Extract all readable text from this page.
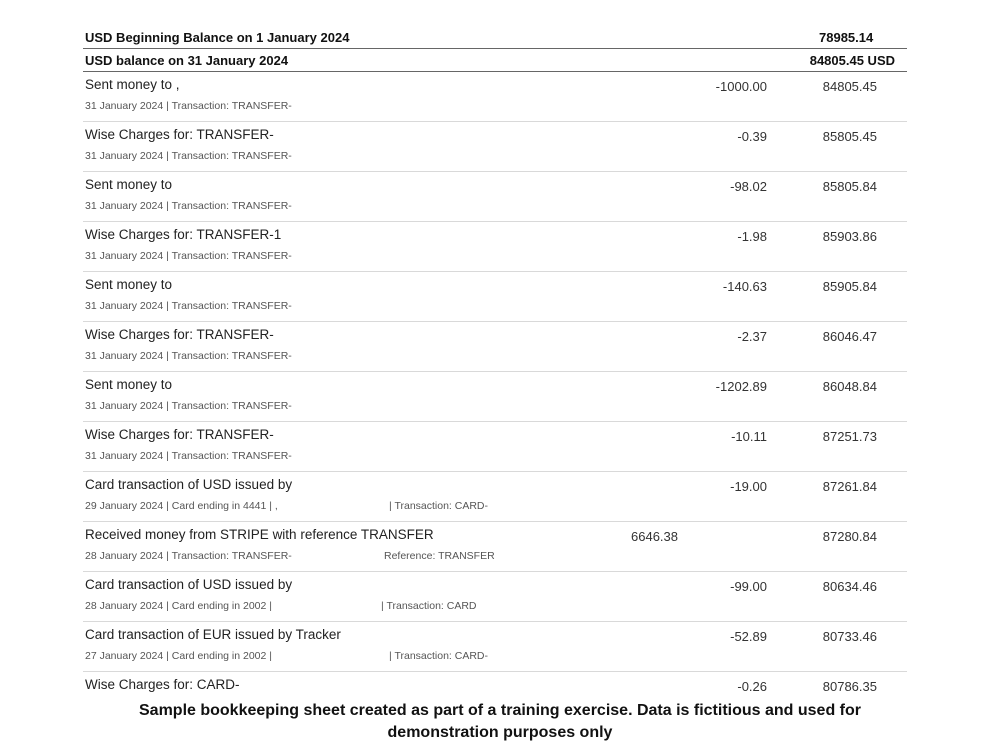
USD Beginning Balance on 1 January 2024	78985.14
USD balance on 31 January 2024	84805.45 USD
Sent money to ,
31 January 2024 | Transaction: TRANSFER-
-1000.00	84805.45
Wise Charges for: TRANSFER-
31 January 2024 | Transaction: TRANSFER-
-0.39	85805.45
Sent money to
31 January 2024 | Transaction: TRANSFER-
-98.02	85805.84
Wise Charges for: TRANSFER-1
31 January 2024 | Transaction: TRANSFER-
-1.98	85903.86
Sent money to
31 January 2024 | Transaction: TRANSFER-
-140.63	85905.84
Wise Charges for: TRANSFER-
31 January 2024 | Transaction: TRANSFER-
-2.37	86046.47
Sent money to
31 January 2024 | Transaction: TRANSFER-
-1202.89	86048.84
Wise Charges for: TRANSFER-
31 January 2024 | Transaction: TRANSFER-
-10.11	87251.73
Card transaction of USD issued by
29 January 2024 | Card ending in 4441 | ,	| Transaction: CARD-
-19.00	87261.84
Received money from STRIPE with reference TRANSFER
28 January 2024 | Transaction: TRANSFER-	Reference: TRANSFER
6646.38	87280.84
Card transaction of USD issued by
28 January 2024 | Card ending in 2002 |	| Transaction: CARD
-99.00	80634.46
Card transaction of EUR issued by Tracker
27 January 2024 | Card ending in 2002 |	| Transaction: CARD-
-52.89	80733.46
Wise Charges for: CARD-	-0.26	80786.35
Sample bookkeeping sheet created as part of a training exercise. Data is fictitious and used for
demonstration purposes only
